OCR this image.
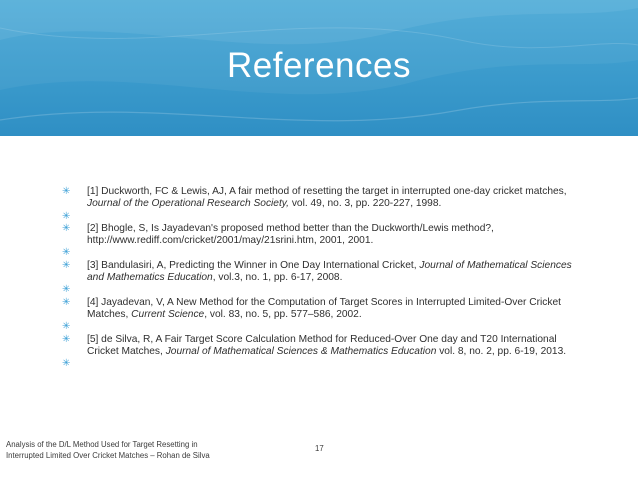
References
✳ [1] Duckworth, FC & Lewis, AJ, A fair method of resetting the target in interrupted one-day cricket matches, Journal of the Operational Research Society, vol. 49, no. 3, pp. 220-227, 1998.
✳
✳ [2] Bhogle, S, Is Jayadevan's proposed method better than the Duckworth/Lewis method?, http://www.rediff.com/cricket/2001/may/21srini.htm, 2001, 2001.
✳
✳ [3] Bandulasiri, A, Predicting the Winner in One Day International Cricket, Journal of Mathematical Sciences and Mathematics Education, vol.3, no. 1, pp. 6-17, 2008.
✳
✳ [4] Jayadevan, V, A New Method for the Computation of Target Scores in Interrupted Limited-Over Cricket Matches, Current Science, vol. 83, no. 5, pp. 577–586, 2002.
✳
✳ [5] de Silva, R, A Fair Target Score Calculation Method for Reduced-Over One day and T20 International Cricket Matches, Journal of Mathematical Sciences & Mathematics Education vol. 8, no. 2, pp. 6-19, 2013.
✳
Analysis of the D/L Method Used for Target Resetting in
Interrupted Limited Over Cricket Matches – Rohan de Silva
17
